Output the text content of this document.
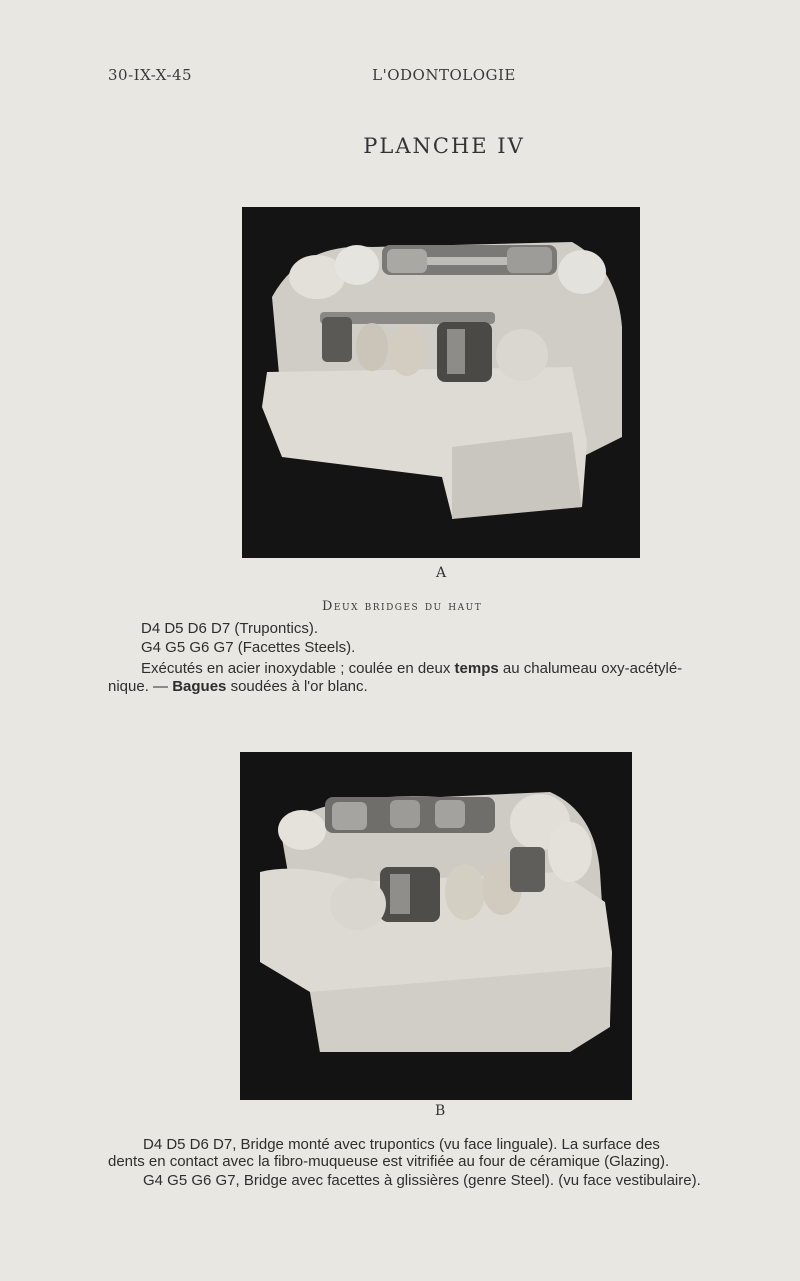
30-IX-X-45	L'ODONTOLOGIE
PLANCHE IV
A
Deux bridges du haut
D4 D5 D6 D7 (Trupontics).
G4 G5 G6 G7 (Facettes Steels).
Exécutés en acier inoxydable ; coulée en deux temps au chalumeau oxy-acétylé-
nique. — Bagues soudées à l'or blanc.
B
D4 D5 D6 D7, Bridge monté avec trupontics (vu face linguale). La surface des
dents en contact avec la fibro-muqueuse est vitrifiée au four de céramique (Glazing).
G4 G5 G6 G7, Bridge avec facettes à glissières (genre Steel). (vu face vestibulaire).
